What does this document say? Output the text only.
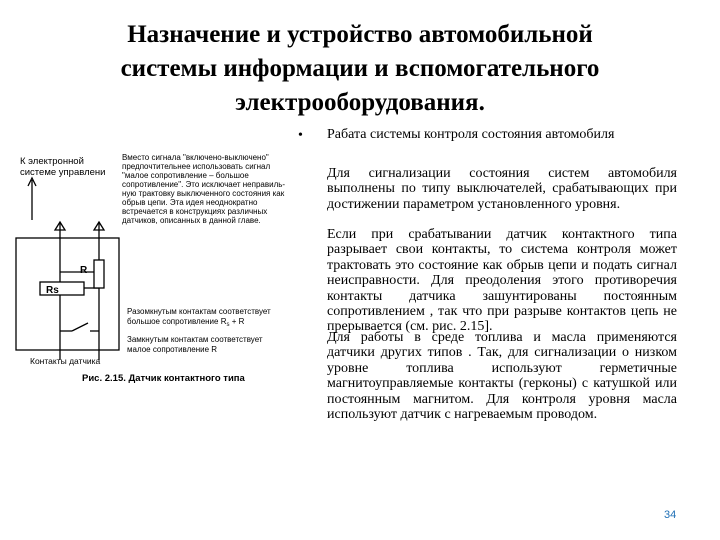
Назначение и устройство автомобильной
системы информации и вспомогательного
электрооборудования.
К электронной
системе управлени
Вместо сигнала "включено-выключено"
предпочтительнее использовать сигнал
"малое сопротивление – большое
сопротивление". Это исключает неправиль-
ную трактовку выключенного состояния как
обрыв цепи. Эта идея неоднократно
встречается в конструкциях различных
датчиков, описанных в данной главе.
R
Rs
Разомкнутым контактам соответствует
большое сопротивление $R_s + R$
Замкнутым контактам соответствует
малое сопротивление R
Контакты датчика
Рис. 2.15. Датчик контактного типа
• Рабата системы контроля состояния автомобиля
Для сигнализации состояния систем автомобиля выполнены по типу выключателей, срабатывающих при достижении параметром установленного уровня.
Если при срабатывании датчик контактного типа разрывает свои контакты, то система контроля может трактовать это состояние как обрыв цепи и подать сигнал неисправности. Для преодоления этого противоречия контакты датчика зашунтированы постоянным сопротивлением , так что при разрыве контактов цепь не прерывается (см. рис. 2.15].
Для работы в среде топлива и масла применяются датчики других типов . Так, для сигнализации о низком уровне топлива используют герметичные магнитоуправляемые контакты (герконы) с катушкой или постоянным магнитом. Для контроля уровня масла используют датчик с нагреваемым проводом.
34
